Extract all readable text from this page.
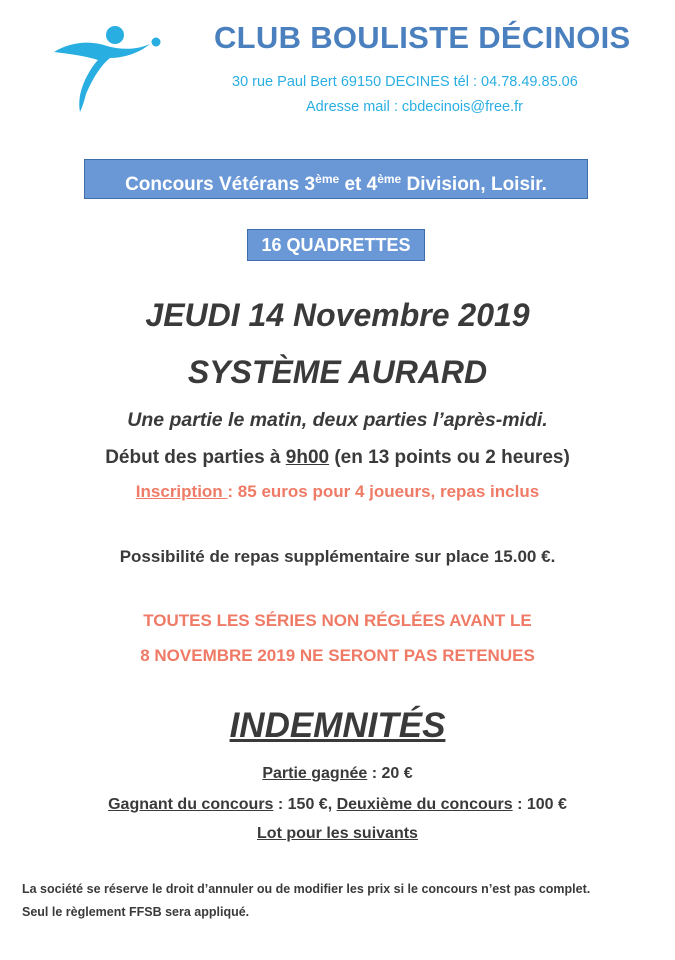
CLUB BOULISTE DÉCINOIS
30 rue Paul Bert 69150 DECINES tél : 04.78.49.85.06
Adresse mail : cbdecinois@free.fr
Concours Vétérans 3ème et 4ème Division, Loisir.
16 QUADRETTES
JEUDI 14 Novembre 2019
SYSTÈME AURARD
Une partie le matin, deux parties l’après-midi.
Début des parties à 9h00 (en 13 points ou 2 heures)
Inscription : 85 euros pour 4 joueurs, repas inclus
Possibilité de repas supplémentaire sur place 15.00 €.
TOUTES LES SÉRIES NON RÉGLÉES AVANT LE
8 NOVEMBRE 2019 NE SERONT PAS RETENUES
INDEMNITÉS
Partie gagnée : 20 €
Gagnant du concours : 150 €, Deuxième du concours : 100 €
Lot pour les suivants
La société se réserve le droit d’annuler ou de modifier les prix si le concours n’est pas complet.
Seul le règlement FFSB sera appliqué.
